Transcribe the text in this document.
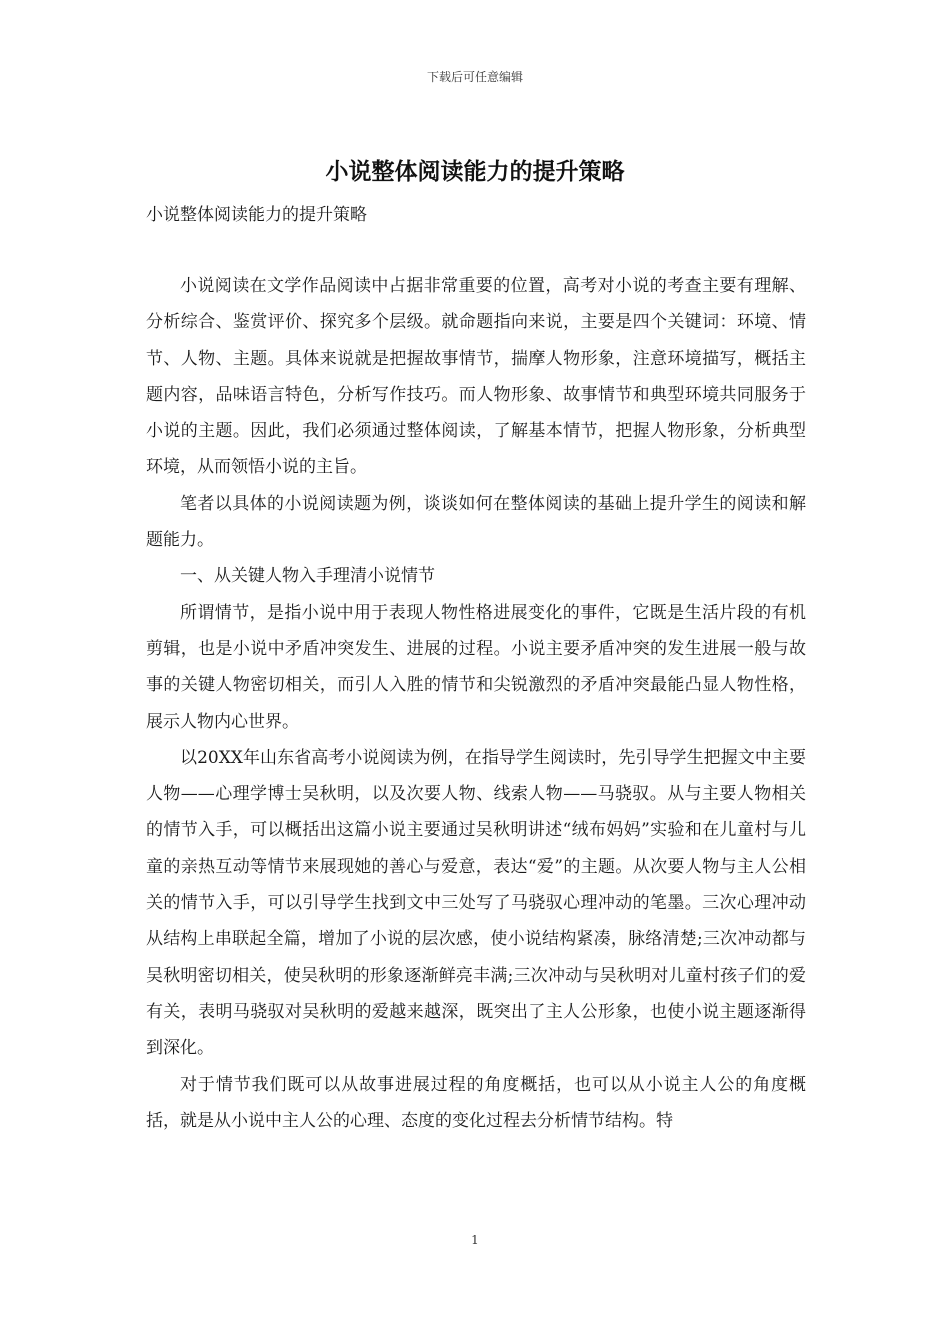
下载后可任意编辑
小说整体阅读能力的提升策略

小说整体阅读能力的提升策略

小说阅读在文学作品阅读中占据非常重要的位置，高考对小说的考查主要有理解、分析综合、鉴赏评价、探究多个层级。就命题指向来说，主要是四个关键词：环境、情节、人物、主题。具体来说就是把握故事情节，揣摩人物形象，注意环境描写，概括主题内容，品味语言特色，分析写作技巧。而人物形象、故事情节和典型环境共同服务于小说的主题。因此，我们必须通过整体阅读，了解基本情节，把握人物形象，分析典型环境，从而领悟小说的主旨。

笔者以具体的小说阅读题为例，谈谈如何在整体阅读的基础上提升学生的阅读和解题能力。

一、从关键人物入手理清小说情节

所谓情节，是指小说中用于表现人物性格进展变化的事件，它既是生活片段的有机剪辑，也是小说中矛盾冲突发生、进展的过程。小说主要矛盾冲突的发生进展一般与故事的关键人物密切相关，而引人入胜的情节和尖锐激烈的矛盾冲突最能凸显人物性格，展示人物内心世界。

以20XX年山东省高考小说阅读为例，在指导学生阅读时，先引导学生把握文中主要人物——心理学博士吴秋明，以及次要人物、线索人物——马骁驭。从与主要人物相关的情节入手，可以概括出这篇小说主要通过吴秋明讲述“绒布妈妈”实验和在儿童村与儿童的亲热互动等情节来展现她的善心与爱意，表达“爱”的主题。从次要人物与主人公相关的情节入手，可以引导学生找到文中三处写了马骁驭心理冲动的笔墨。三次心理冲动从结构上串联起全篇，增加了小说的层次感，使小说结构紧凑，脉络清楚;三次冲动都与吴秋明密切相关，使吴秋明的形象逐渐鲜亮丰满;三次冲动与吴秋明对儿童村孩子们的爱有关，表明马骁驭对吴秋明的爱越来越深，既突出了主人公形象，也使小说主题逐渐得到深化。

对于情节我们既可以从故事进展过程的角度概括，也可以从小说主人公的角度概括，就是从小说中主人公的心理、态度的变化过程去分析情节结构。特

1
